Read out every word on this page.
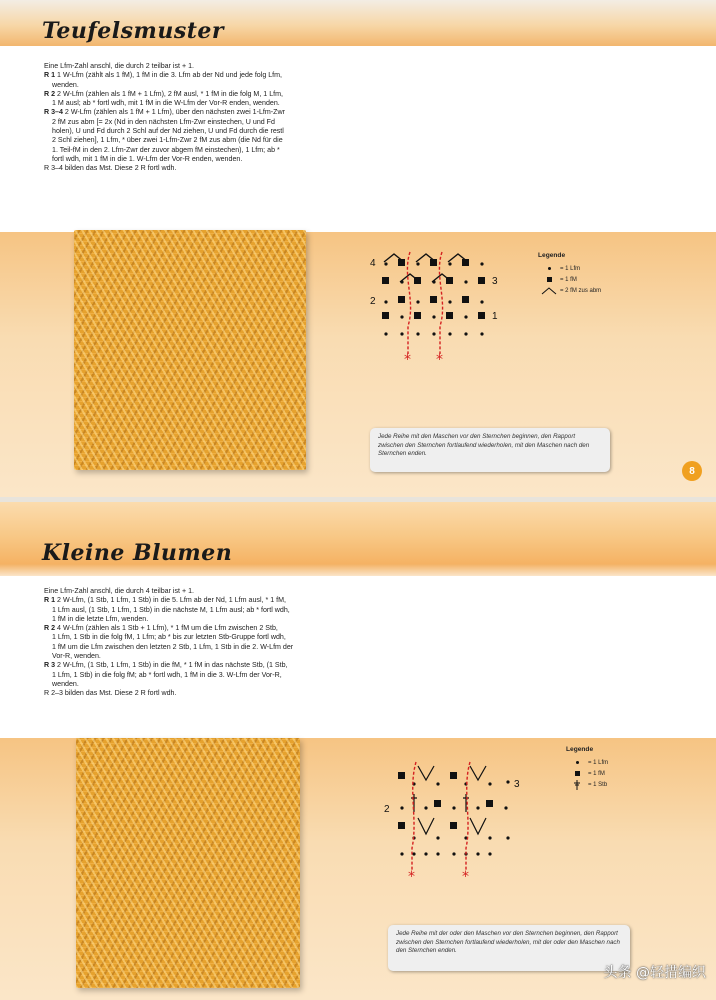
Teufelsmuster

Eine Lfm-Zahl anschl, die durch 2 teilbar ist + 1.

R 1 1 W-Lfm (zählt als 1 fM), 1 fM in die 3. Lfm ab der Nd und jede folg Lfm,

wenden.

R 2 2 W-Lfm (zählen als 1 fM + 1 Lfm), 2 fM ausl, * 1 fM in die folg M, 1 Lfm,

1 M ausl; ab * fortl wdh, mit 1 fM in die W-Lfm der Vor-R enden, wenden.

R 3–4 2 W-Lfm (zählen als 1 fM + 1 Lfm), über den nächsten zwei 1-Lfm-Zwr

2 fM zus abm [= 2x (Nd in den nächsten Lfm-Zwr einstechen, U und Fd

holen), U und Fd durch 2 Schl auf der Nd ziehen, U und Fd durch die restl

2 Schl ziehen], 1 Lfm, * über zwei 1-Lfm-Zwr 2 fM zus abm (die Nd für die

1. Teil-fM in den 2. Lfm-Zwr der zuvor abgem fM einstechen), 1 Lfm; ab *

fortl wdh, mit 1 fM in die 1. W-Lfm der Vor-R enden, wenden.

R 3–4 bilden das Mst. Diese 2 R fortl wdh.

4
3
2
1
* *
Legende
= 1 Lfm
= 1 fM
= 2 fM zus abm
Jede Reihe mit den Maschen vor den Sternchen beginnen, den Rapport zwischen den Sternchen fortlaufend wiederholen, mit den Maschen nach den Sternchen enden.
8
Kleine Blumen

Eine Lfm-Zahl anschl, die durch 4 teilbar ist + 1.

R 1 2 W-Lfm, (1 Stb, 1 Lfm, 1 Stb) in die 5. Lfm ab der Nd, 1 Lfm ausl, * 1 fM,

1 Lfm ausl, (1 Stb, 1 Lfm, 1 Stb) in die nächste M, 1 Lfm ausl; ab * fortl wdh,

1 fM in die letzte Lfm, wenden.

R 2 4 W-Lfm (zählen als 1 Stb + 1 Lfm), * 1 fM um die Lfm zwischen 2 Stb,

1 Lfm, 1 Stb in die folg fM, 1 Lfm; ab * bis zur letzten Stb-Gruppe fortl wdh,

1 fM um die Lfm zwischen den letzten 2 Stb, 1 Lfm, 1 Stb in die 2. W-Lfm der

Vor-R, wenden.

R 3 2 W-Lfm, (1 Stb, 1 Lfm, 1 Stb) in die fM, * 1 fM in das nächste Stb, (1 Stb,

1 Lfm, 1 Stb) in die folg fM; ab * fortl wdh, 1 fM in die 3. W-Lfm der Vor-R,

wenden.

R 2–3 bilden das Mst. Diese 2 R fortl wdh.

3
2
*	*
Legende
= 1 Lfm
= 1 fM
= 1 Stb
Jede Reihe mit der oder den Maschen vor den Sternchen beginnen, den Rapport zwischen den Sternchen fortlaufend wiederholen, mit der oder den Maschen nach den Sternchen enden.
头条 @轻措编织
